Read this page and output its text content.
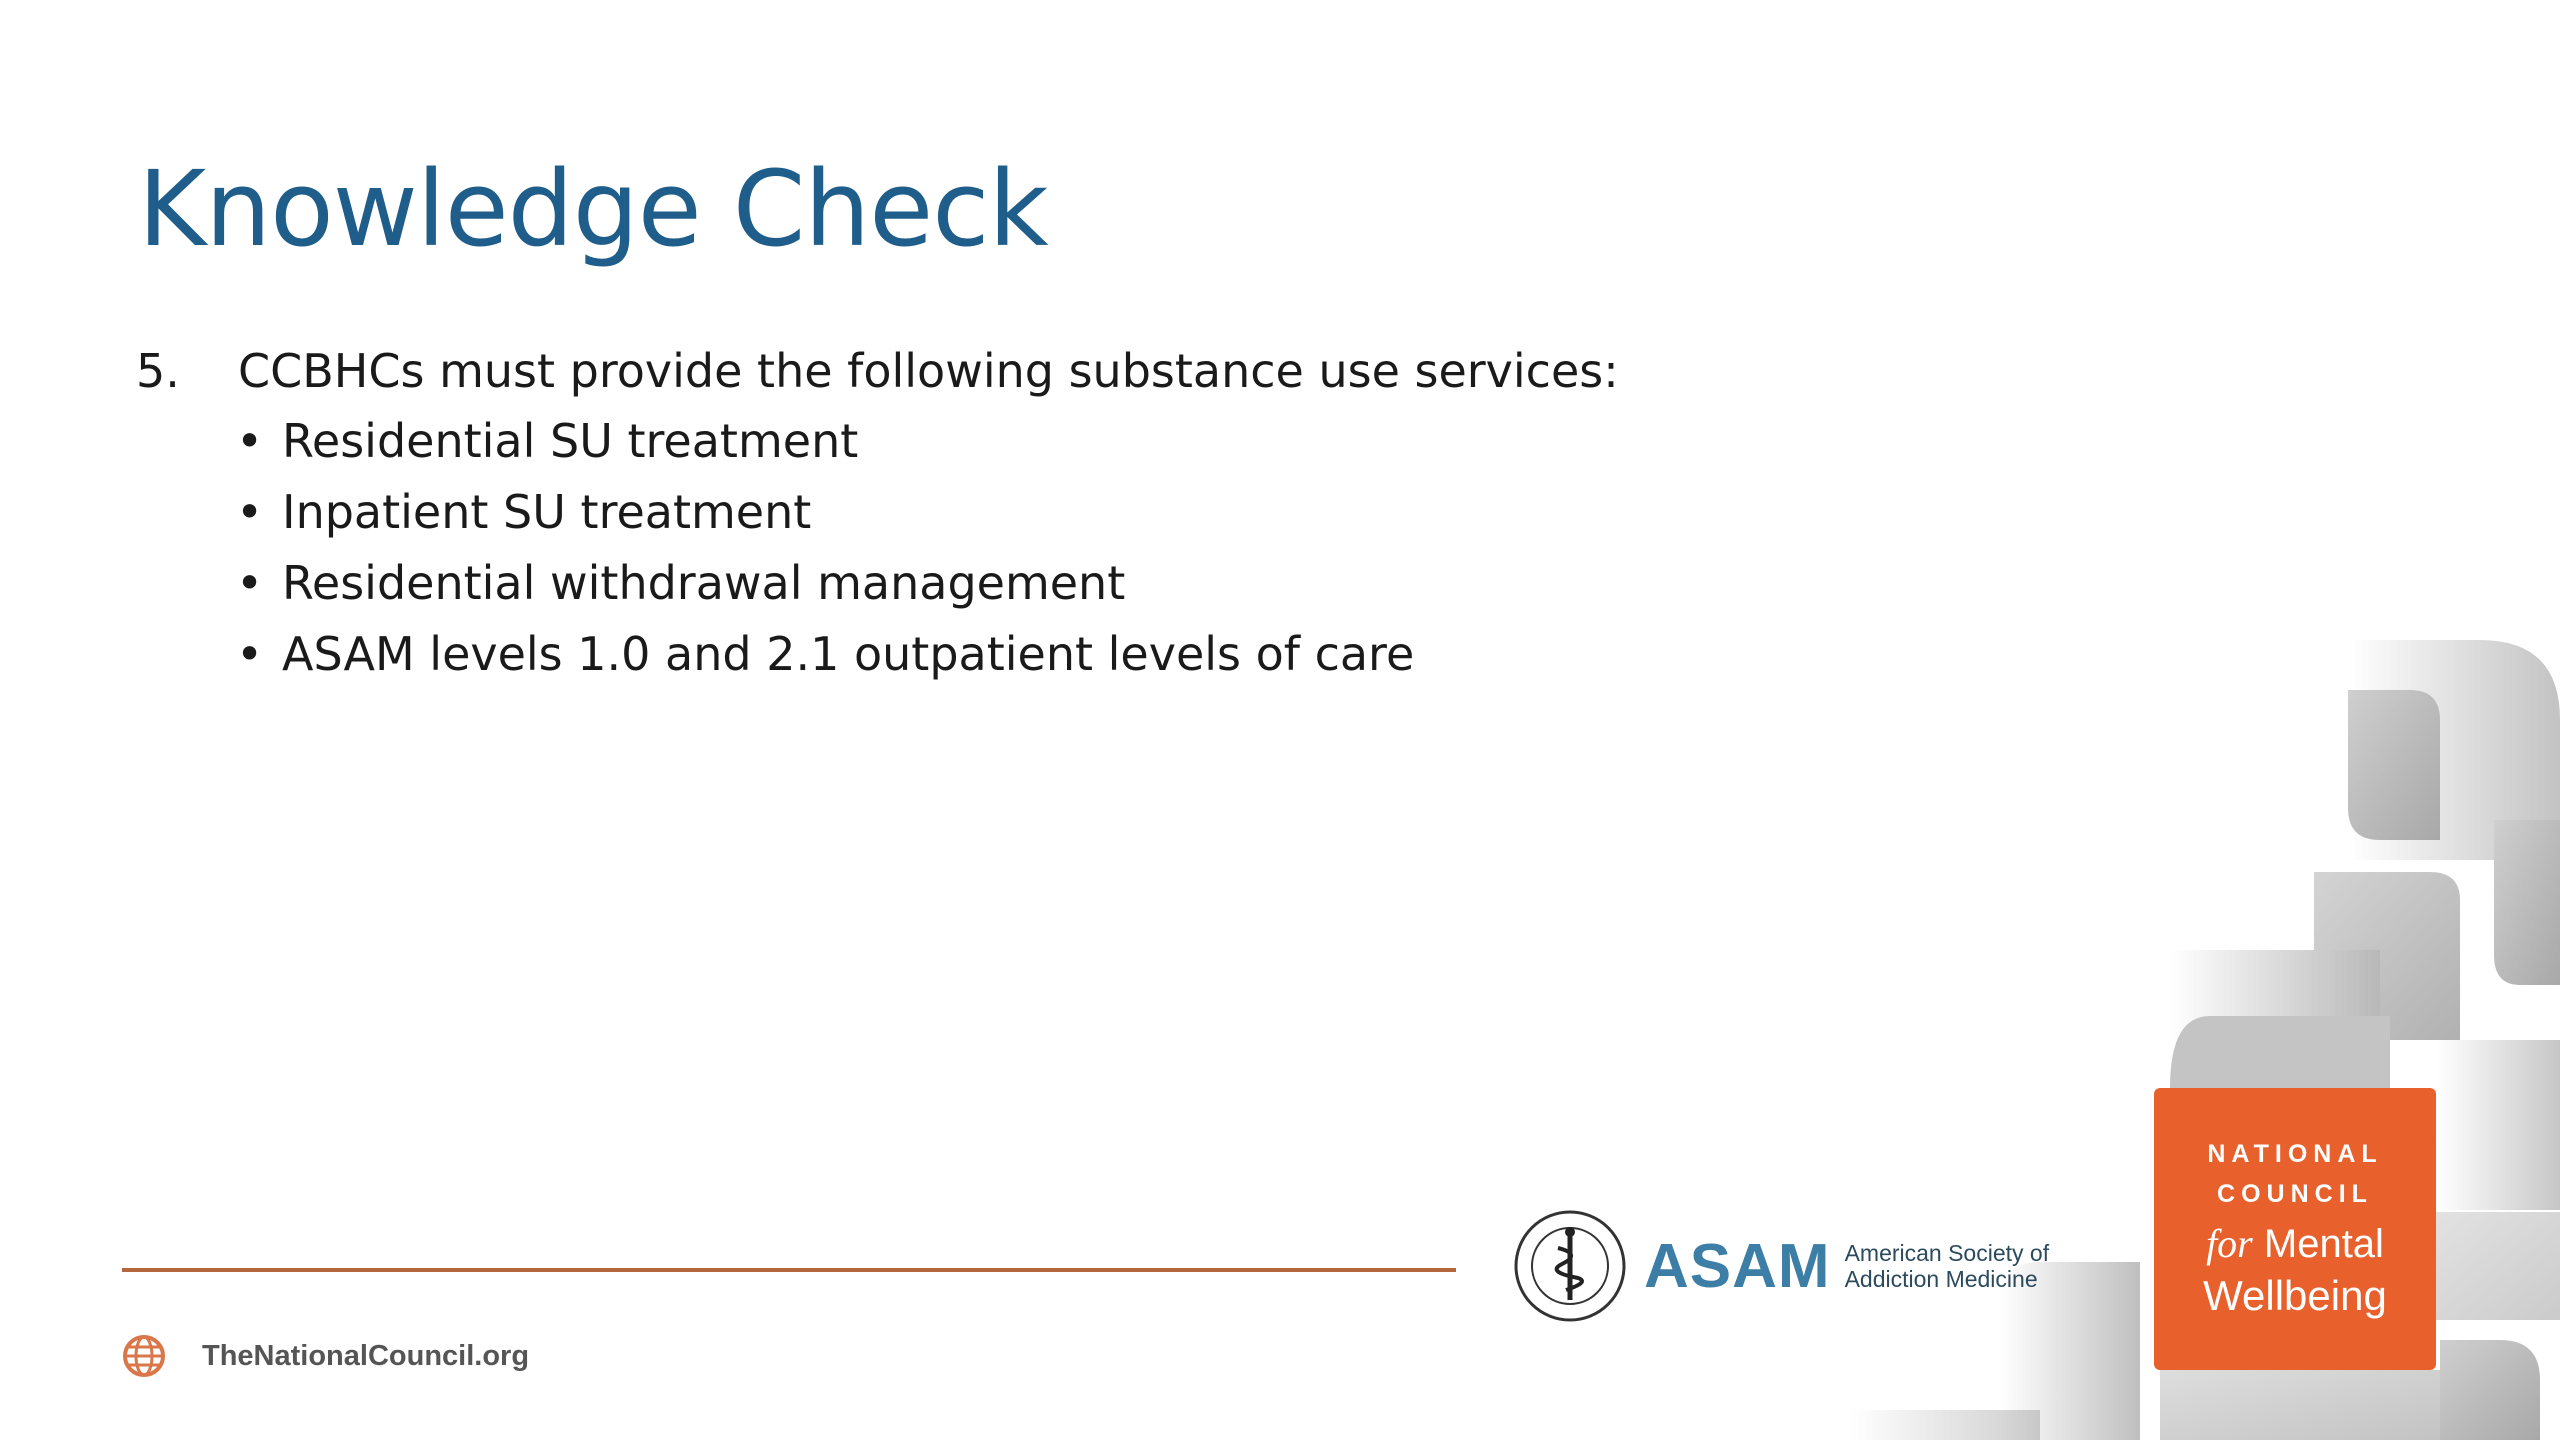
Knowledge Check
5.	CCBHCs must provide the following substance use services:
• Residential SU treatment
• Inpatient SU treatment
• Residential withdrawal management
• ASAM levels 1.0 and 2.1 outpatient levels of care
TheNationalCouncil.org
ASAM American Society of
Addiction Medicine
NATIONAL
COUNCIL
for Mental
Wellbeing
